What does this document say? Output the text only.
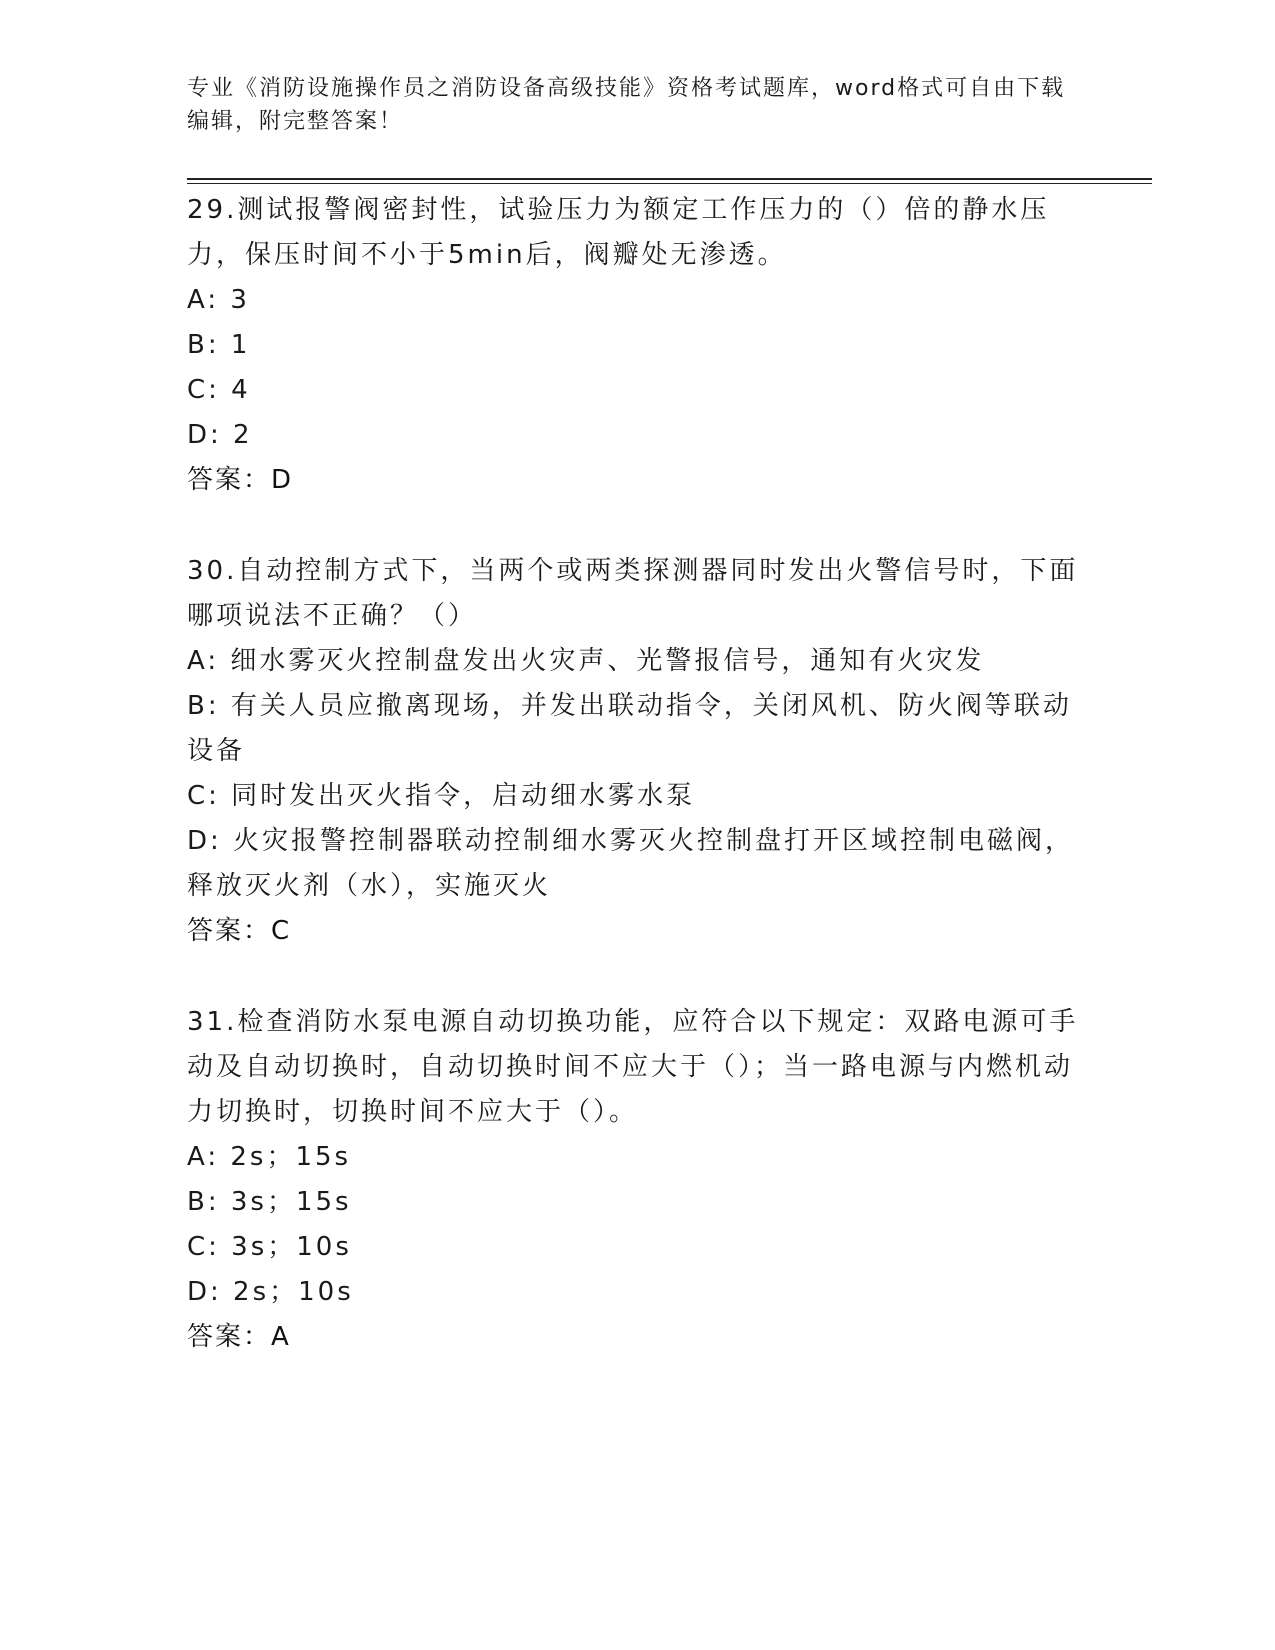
专业《消防设施操作员之消防设备高级技能》资格考试题库，word格式可自由下载编辑，附完整答案！
29.测试报警阀密封性，试验压力为额定工作压力的（）倍的静水压力，保压时间不小于5min后，阀瓣处无渗透。
A: 3
B: 1
C: 4
D: 2
答案：D
30.自动控制方式下，当两个或两类探测器同时发出火警信号时，下面哪项说法不正确？（）
A: 细水雾灭火控制盘发出火灾声、光警报信号，通知有火灾发
B: 有关人员应撤离现场，并发出联动指令，关闭风机、防火阀等联动设备
C: 同时发出灭火指令，启动细水雾水泵
D: 火灾报警控制器联动控制细水雾灭火控制盘打开区域控制电磁阀，释放灭火剂（水），实施灭火
答案：C
31.检查消防水泵电源自动切换功能，应符合以下规定：双路电源可手动及自动切换时，自动切换时间不应大于（）；当一路电源与内燃机动力切换时，切换时间不应大于（）。
A: 2s；15s
B: 3s；15s
C: 3s；10s
D: 2s；10s
答案：A
